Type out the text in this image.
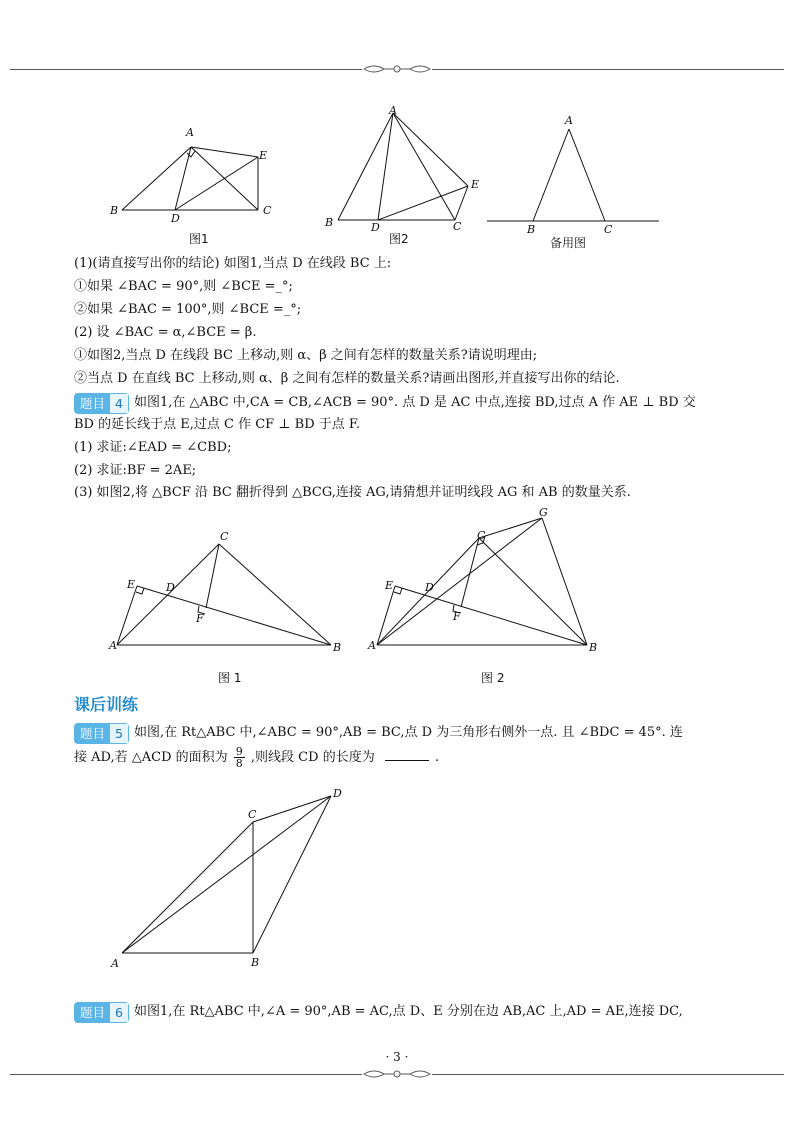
A
B	C
D
E
图1
A
B	C
D
E
图2
A
B	C
备用图
(1)(请直接写出你的结论) 如图1,当点 D 在线段 BC 上:
①如果 ∠BAC = 90°,则 ∠BCE =_°;
②如果 ∠BAC = 100°,则 ∠BCE =_°;
(2) 设 ∠BAC = α,∠BCE = β.
①如图2,当点 D 在线段 BC 上移动,则 α、β 之间有怎样的数量关系?请说明理由;
②当点 D 在直线 BC 上移动,则 α、β 之间有怎样的数量关系?请画出图形,并直接写出你的结论.
题目 4 如图1,在 △ABC 中,CA = CB,∠ACB = 90°. 点 D 是 AC 中点,连接 BD,过点 A 作 AE ⊥ BD 交
BD 的延长线于点 E,过点 C 作 CF ⊥ BD 于点 F.
(1) 求证:∠EAD = ∠CBD;
(2) 求证:BF = 2AE;
(3) 如图2,将 △BCF 沿 BC 翻折得到 △BCG,连接 AG,请猜想并证明线段 AG 和 AB 的数量关系.
A	B
C
D
E
F
图 1
A	B
C
D
E
F
G
图 2
课后训练
题目 5 如图,在 Rt△ABC 中,∠ABC = 90°,AB = BC,点 D 为三角形右侧外一点. 且 ∠BDC = 45°. 连
接 AD,若 △ACD 的面积为 $\frac{9}{8}$ ,则线段 CD 的长度为	.
A	B
C
D
题目 6 如图1,在 Rt△ABC 中,∠A = 90°,AB = AC,点 D、E 分别在边 AB,AC 上,AD = AE,连接 DC,
· 3 ·
